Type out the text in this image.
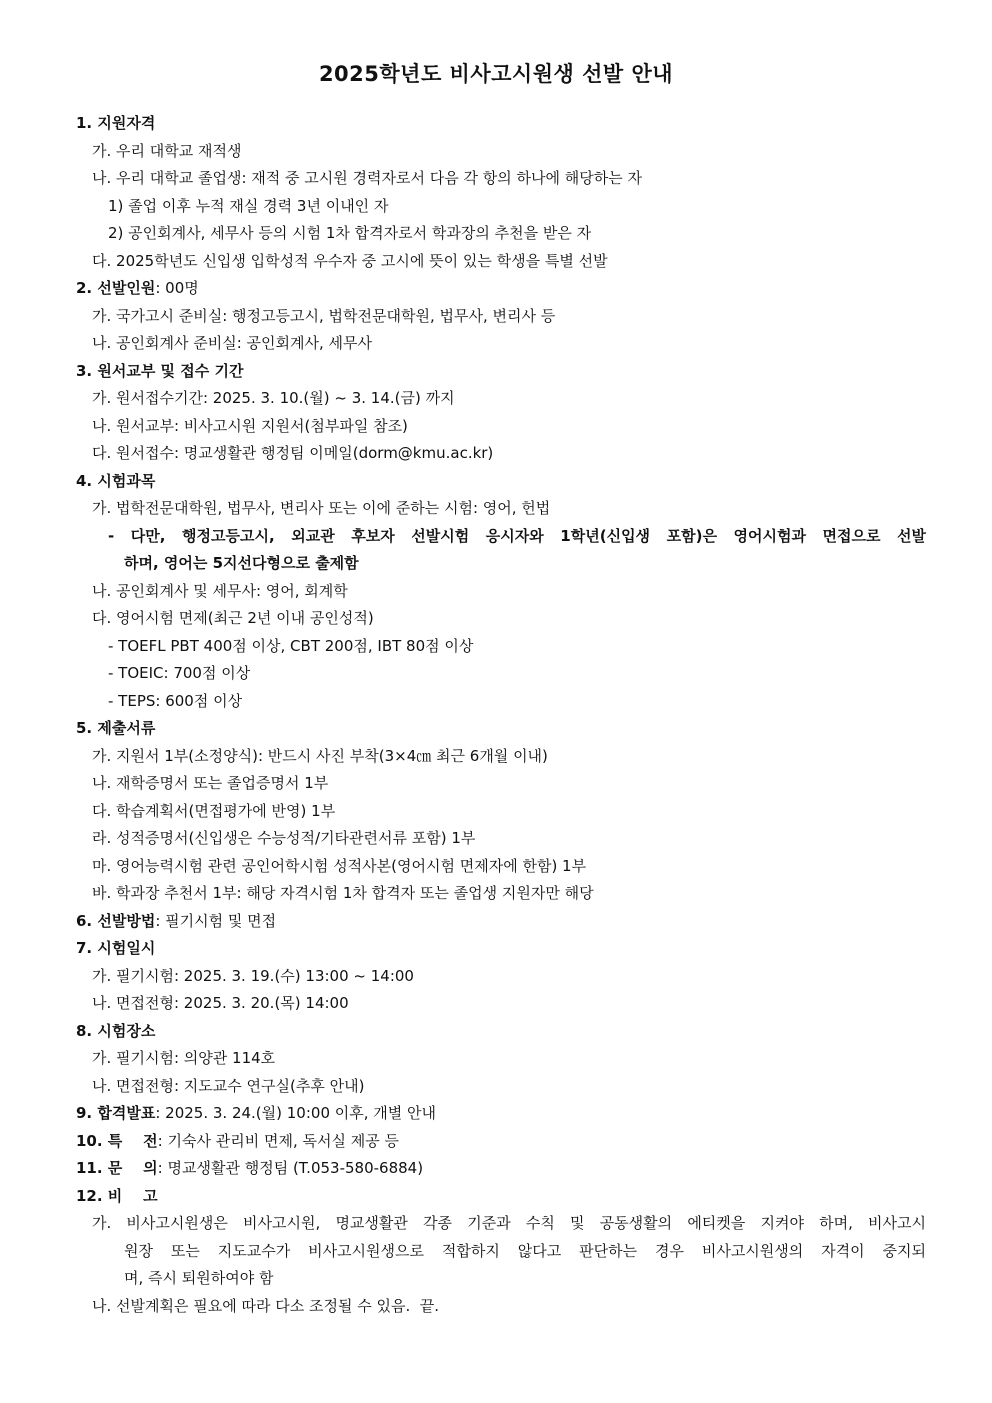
2025학년도 비사고시원생 선발 안내
1. 지원자격
가. 우리 대학교 재적생
나. 우리 대학교 졸업생: 재적 중 고시원 경력자로서 다음 각 항의 하나에 해당하는 자
1) 졸업 이후 누적 재실 경력 3년 이내인 자
2) 공인회계사, 세무사 등의 시험 1차 합격자로서 학과장의 추천을 받은 자
다. 2025학년도 신입생 입학성적 우수자 중 고시에 뜻이 있는 학생을 특별 선발
2. 선발인원: 00명
가. 국가고시 준비실: 행정고등고시, 법학전문대학원, 법무사, 변리사 등
나. 공인회계사 준비실: 공인회계사, 세무사
3. 원서교부 및 접수 기간
가. 원서접수기간: 2025. 3. 10.(월) ~ 3. 14.(금) 까지
나. 원서교부: 비사고시원 지원서(첨부파일 참조)
다. 원서접수: 명교생활관 행정팀 이메일(dorm@kmu.ac.kr)
4. 시험과목
가. 법학전문대학원, 법무사, 변리사 또는 이에 준하는 시험: 영어, 헌법
- 다만, 행정고등고시, 외교관 후보자 선발시험 응시자와 1학년(신입생 포함)은 영어시험과 면접으로 선발
하며, 영어는 5지선다형으로 출제함
나. 공인회계사 및 세무사: 영어, 회계학
다. 영어시험 면제(최근 2년 이내 공인성적)
- TOEFL PBT 400점 이상, CBT 200점, IBT 80점 이상
- TOEIC: 700점 이상
- TEPS: 600점 이상
5. 제출서류
가. 지원서 1부(소정양식): 반드시 사진 부착(3×4㎝ 최근 6개월 이내)
나. 재학증명서 또는 졸업증명서 1부
다. 학습계획서(면접평가에 반영) 1부
라. 성적증명서(신입생은 수능성적/기타관련서류 포함) 1부
마. 영어능력시험 관련 공인어학시험 성적사본(영어시험 면제자에 한함) 1부
바. 학과장 추천서 1부: 해당 자격시험 1차 합격자 또는 졸업생 지원자만 해당
6. 선발방법: 필기시험 및 면접
7. 시험일시
가. 필기시험: 2025. 3. 19.(수) 13:00 ~ 14:00
나. 면접전형: 2025. 3. 20.(목) 14:00
8. 시험장소
가. 필기시험: 의양관 114호
나. 면접전형: 지도교수 연구실(추후 안내)
9. 합격발표: 2025. 3. 24.(월) 10:00 이후, 개별 안내
10. 특    전: 기숙사 관리비 면제, 독서실 제공 등
11. 문    의: 명교생활관 행정팀 (T.053-580-6884)
12. 비    고
가. 비사고시원생은 비사고시원, 명교생활관 각종 기준과 수칙 및 공동생활의 에티켓을 지켜야 하며, 비사고시
원장 또는 지도교수가 비사고시원생으로 적합하지 않다고 판단하는 경우 비사고시원생의 자격이 중지되
며, 즉시 퇴원하여야 함
나. 선발계획은 필요에 따라 다소 조정될 수 있음.  끝.
